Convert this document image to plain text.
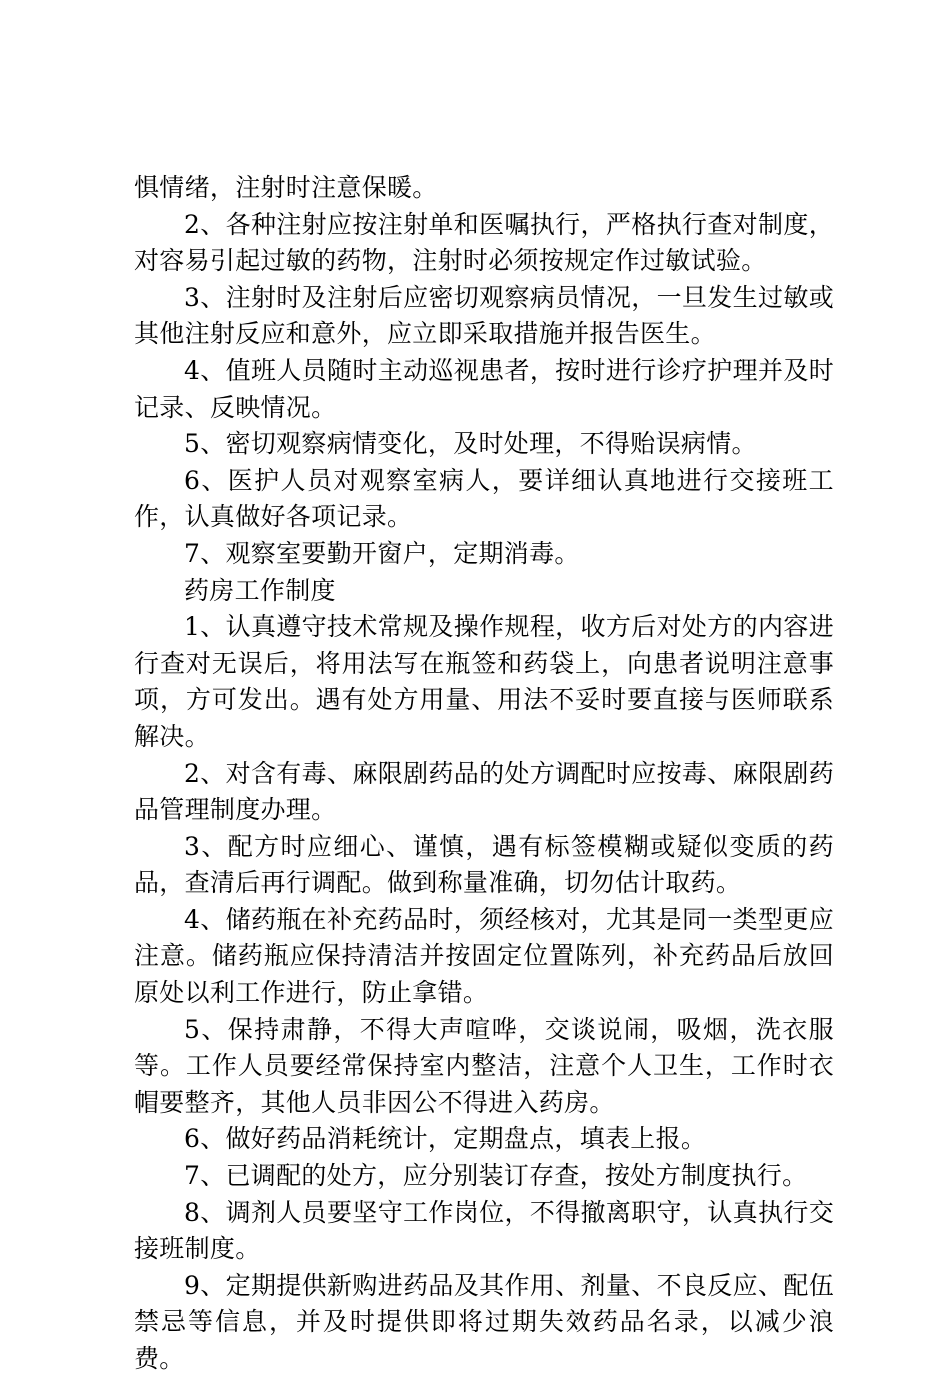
惧情绪，注射时注意保暖。

2、各种注射应按注射单和医嘱执行，严格执行查对制度，对容易引起过敏的药物，注射时必须按规定作过敏试验。

3、注射时及注射后应密切观察病员情况，一旦发生过敏或其他注射反应和意外，应立即采取措施并报告医生。

4、值班人员随时主动巡视患者，按时进行诊疗护理并及时记录、反映情况。

5、密切观察病情变化，及时处理，不得贻误病情。

6、医护人员对观察室病人，要详细认真地进行交接班工作，认真做好各项记录。

7、观察室要勤开窗户，定期消毒。

药房工作制度

1、认真遵守技术常规及操作规程，收方后对处方的内容进行查对无误后，将用法写在瓶签和药袋上，向患者说明注意事项，方可发出。遇有处方用量、用法不妥时要直接与医师联系解决。

2、对含有毒、麻限剧药品的处方调配时应按毒、麻限剧药品管理制度办理。

3、配方时应细心、谨慎，遇有标签模糊或疑似变质的药品，查清后再行调配。做到称量准确，切勿估计取药。

4、储药瓶在补充药品时，须经核对，尤其是同一类型更应注意。储药瓶应保持清洁并按固定位置陈列，补充药品后放回原处以利工作进行，防止拿错。

5、保持肃静，不得大声喧哗，交谈说闹，吸烟，洗衣服等。工作人员要经常保持室内整洁，注意个人卫生，工作时衣帽要整齐，其他人员非因公不得进入药房。

6、做好药品消耗统计，定期盘点，填表上报。

7、已调配的处方，应分别装订存查，按处方制度执行。

8、调剂人员要坚守工作岗位，不得撤离职守，认真执行交接班制度。

9、定期提供新购进药品及其作用、剂量、不良反应、配伍禁忌等信息，并及时提供即将过期失效药品名录，以减少浪费。
